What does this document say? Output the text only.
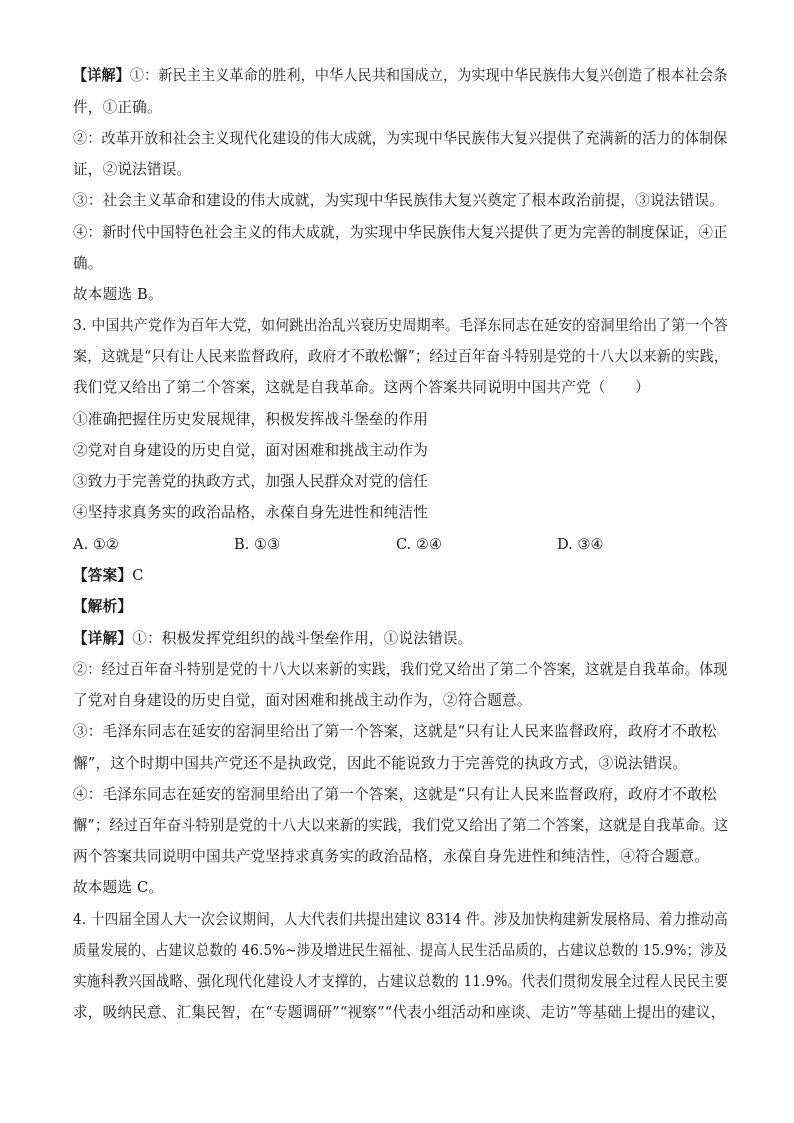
【详解】①：新民主主义革命的胜利，中华人民共和国成立，为实现中华民族伟大复兴创造了根本社会条
件，①正确。
②：改革开放和社会主义现代化建设的伟大成就，为实现中华民族伟大复兴提供了充满新的活力的体制保
证，②说法错误。
③：社会主义革命和建设的伟大成就，为实现中华民族伟大复兴奠定了根本政治前提，③说法错误。
④：新时代中国特色社会主义的伟大成就，为实现中华民族伟大复兴提供了更为完善的制度保证，④正
确。
故本题选 B。
3. 中国共产党作为百年大党，如何跳出治乱兴衰历史周期率。毛泽东同志在延安的窑洞里给出了第一个答
案，这就是“只有让人民来监督政府，政府才不敢松懈”；经过百年奋斗特别是党的十八大以来新的实践，
我们党又给出了第二个答案，这就是自我革命。这两个答案共同说明中国共产党（　　）
①准确把握住历史发展规律，积极发挥战斗堡垒的作用
②党对自身建设的历史自觉，面对困难和挑战主动作为
③致力于完善党的执政方式，加强人民群众对党的信任
④坚持求真务实的政治品格，永葆自身先进性和纯洁性
A. ①②	B. ①③	C. ②④	D. ③④
【答案】C
【解析】
【详解】①：积极发挥党组织的战斗堡垒作用，①说法错误。
②：经过百年奋斗特别是党的十八大以来新的实践，我们党又给出了第二个答案，这就是自我革命。体现
了党对自身建设的历史自觉，面对困难和挑战主动作为，②符合题意。
③：毛泽东同志在延安的窑洞里给出了第一个答案，这就是“只有让人民来监督政府，政府才不敢松
懈”，这个时期中国共产党还不是执政党，因此不能说致力于完善党的执政方式，③说法错误。
④：毛泽东同志在延安的窑洞里给出了第一个答案，这就是“只有让人民来监督政府，政府才不敢松
懈”；经过百年奋斗特别是党的十八大以来新的实践，我们党又给出了第二个答案，这就是自我革命。这
两个答案共同说明中国共产党坚持求真务实的政治品格，永葆自身先进性和纯洁性，④符合题意。
故本题选 C。
4. 十四届全国人大一次会议期间，人大代表们共提出建议 8314 件。涉及加快构建新发展格局、着力推动高
质量发展的、占建议总数的 46.5%~涉及增进民生福祉、提高人民生活品质的，占建议总数的 15.9%；涉及
实施科教兴国战略、强化现代化建设人才支撑的，占建议总数的 11.9%。代表们贯彻发展全过程人民民主要
求，吸纳民意、汇集民智，在“专题调研”“视察”“代表小组活动和座谈、走访”等基础上提出的建议，
